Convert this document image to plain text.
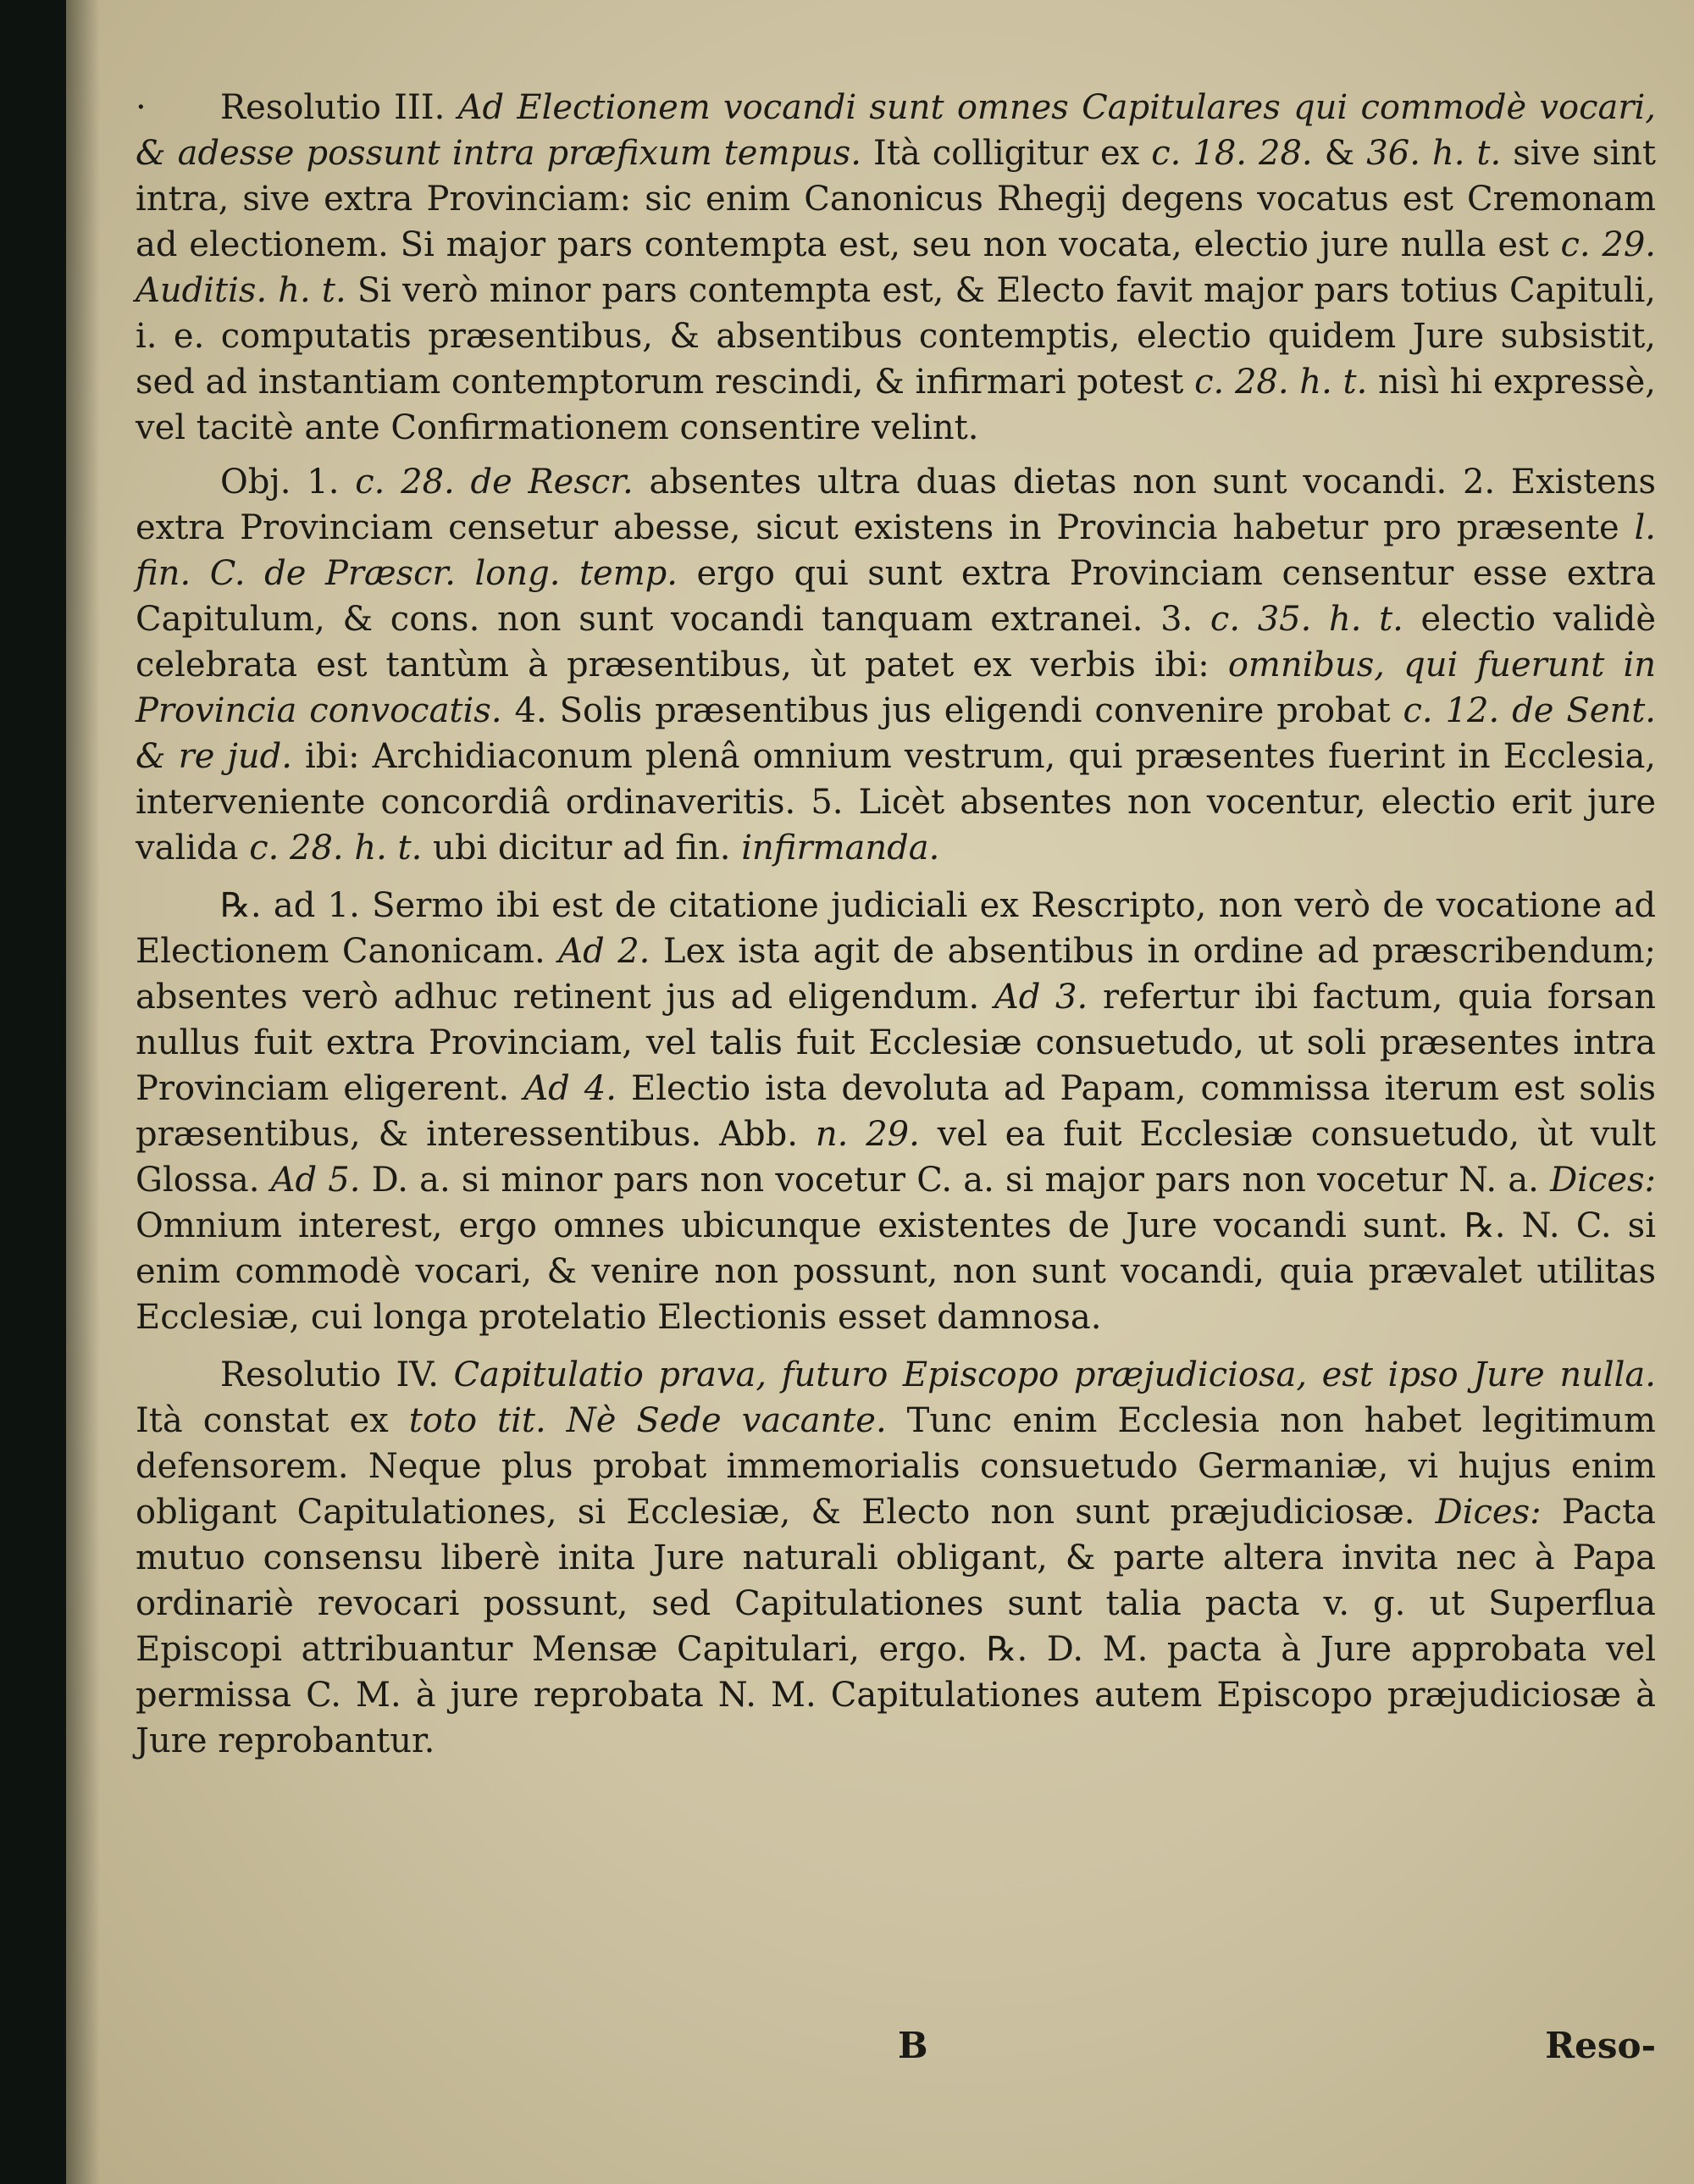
· Resolutio III. Ad Electionem vocandi sunt omnes Capitulares qui commodè vocari, & adesse possunt intra præfixum tempus. Ità colligitur ex c. 18. 28. & 36. h. t. sive sint intra, sive extra Provinciam: sic enim Canonicus Rhegij degens vocatus est Cremonam ad electionem. Si major pars contempta est, seu non vocata, electio jure nulla est c. 29. Auditis. h. t. Si verò minor pars contempta est, & Electo favit major pars totius Capituli, i. e. computatis præsentibus, & absentibus contemptis, electio quidem Jure subsistit, sed ad instantiam contemptorum rescindi, & infirmari potest c. 28. h. t. nisì hi expressè, vel tacitè ante Confirmationem consentire velint.

Obj. 1. c. 28. de Rescr. absentes ultra duas dietas non sunt vocandi. 2. Existens extra Provinciam censetur abesse, sicut existens in Provincia habetur pro præsente l. fin. C. de Præscr. long. temp. ergo qui sunt extra Provinciam censentur esse extra Capitulum, & cons. non sunt vocandi tanquam extranei. 3. c. 35. h. t. electio validè celebrata est tantùm à præsentibus, ùt patet ex verbis ibi: omnibus, qui fuerunt in Provincia convocatis. 4. Solis præsentibus jus eligendi convenire probat c. 12. de Sent. & re jud. ibi: Archidiaconum plenâ omnium vestrum, qui præsentes fuerint in Ecclesia, interveniente concordiâ ordinaveritis. 5. Licèt absentes non vocentur, electio erit jure valida c. 28. h. t. ubi dicitur ad fin. infirmanda.

℞. ad 1. Sermo ibi est de citatione judiciali ex Rescripto, non verò de vocatione ad Electionem Canonicam. Ad 2. Lex ista agit de absentibus in ordine ad præscribendum; absentes verò adhuc retinent jus ad eligendum. Ad 3. refertur ibi factum, quia forsan nullus fuit extra Provinciam, vel talis fuit Ecclesiæ consuetudo, ut soli præsentes intra Provinciam eligerent. Ad 4. Electio ista devoluta ad Papam, commissa iterum est solis præsentibus, & interessentibus. Abb. n. 29. vel ea fuit Ecclesiæ consuetudo, ùt vult Glossa. Ad 5. D. a. si minor pars non vocetur C. a. si major pars non vocetur N. a. Dices: Omnium interest, ergo omnes ubicunque existentes de Jure vocandi sunt. ℞. N. C. si enim commodè vocari, & venire non possunt, non sunt vocandi, quia prævalet utilitas Ecclesiæ, cui longa protelatio Electionis esset damnosa.

Resolutio IV. Capitulatio prava, futuro Episcopo præjudiciosa, est ipso Jure nulla. Ità constat ex toto tit. Nè Sede vacante. Tunc enim Ecclesia non habet legitimum defensorem. Neque plus probat immemorialis consuetudo Germaniæ, vi hujus enim obligant Capitulationes, si Ecclesiæ, & Electo non sunt præjudiciosæ. Dices: Pacta mutuo consensu liberè inita Jure naturali obligant, & parte altera invita nec à Papa ordinariè revocari possunt, sed Capitulationes sunt talia pacta v. g. ut Superflua Episcopi attribuantur Mensæ Capitulari, ergo. ℞. D. M. pacta à Jure approbata vel permissa C. M. à jure reprobata N. M. Capitulationes autem Episcopo præjudiciosæ à Jure reprobantur.

B	Reso-
